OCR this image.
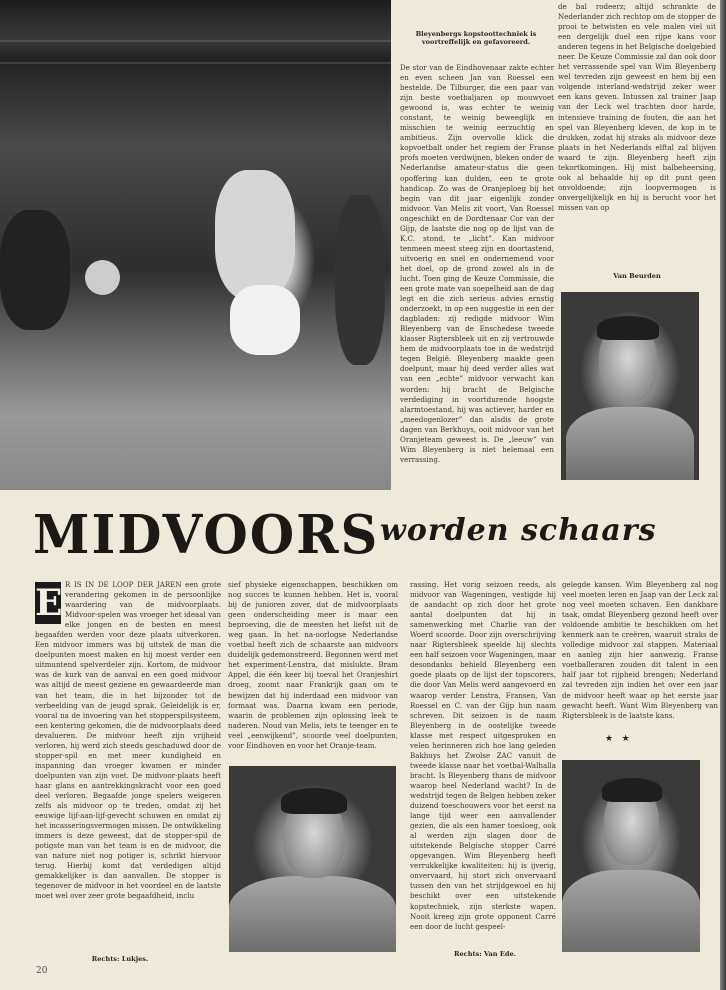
Bleyenbergs kopstoottechniek is voortreffelijk en gefavoreerd.
De stor van de Eindhovenaar zakte echter en even scheen Jan van Roessel een bestelde. De Tilburger, die een paar van zijn beste voetbaljaren op mouwvoet gewoond is, was echter te weinig constant, te weinig beweeglijk en misschien te weinig eerzuchtig en ambitieus. Zijn overvolle klick die kopvoetbalt onder het regiem der Franse profs moeten verdwijnen, bleken onder de Nederlandse amateur-status die geen opoffering kan dulden, een te grote handicap. Zo was de Oranjeploeg bij het begin van dit jaar eigenlijk zonder midvoor. Van Melis zit voort, Van Roessel ongeschikt en de Dordtenaar Cor van der Gijp, de laatste die nog op de lijst van de K.C. stond, te „licht”. Kan midvoor tenmeen meest steeg zijn en doortastend, uitvoerig en snel en ondernemend voor het doel, op de grond zowel als in de lucht. Toen ging de Keuze Commissie, die een grote mate van soepelheid aan de dag legt en die zich serieus advies ernstig onderzoekt, in op een suggestie in een der dagbladen: zij redigde midvoor Wim Bleyenberg van de Enschedese tweede klasser Rigtersbleek uit en zij vertrouwde hem de midvoorplaats toe in de wedstrijd tegen België. Bleyenberg maakte geen doelpunt, maar hij deed verder alles wat van een „echte” midvoor verwacht kan worden: hij bracht de Belgische verdediging in voortdurende hoogste alarmtoestand, hij was actiever, harder en „meedogenlozer” dan alsdis de grote dagen van Berkhuys, ooit midvoor van het Oranjeteam geweest is. De „leeuw” van Wim Bleyenberg is niet helemaal een verrassing.
de bal rodeerz; altijd schrankte de Nederlander zich rechtop om de stopper de prooi te betwisten en vele malen viel uit een dergelijk duel een rijpe kans voor anderen tegens in het Belgische doelgebied neer. De Keuze Commissie zal dan ook door het verrassende spel van Wim Bleyenberg wel tevreden zijn geweest en hem bij een volgende interland-wedstrijd zeker weer een kans geven. Intussen zal trainer Jaap van der Leck wel trachten door harde, intensieve training de fouten, die aan het spel van Bleyenberg kleven, de kop in te drukken, zodat hij straks als midvoor deze plaats in het Nederlands elftal zal blijven waard te zijn. Bleyenberg heeft zijn tekortkomingen. Hij mist balbeheersing, ook al behaalde hij op dit punt geen onvoldoende; zijn loopvermogen is onvergelijkelijk en hij is berucht voor het missen van op
Van Beurden
MIDVOORS worden schaars
E R IS IN DE LOOP DER JAREN een grote verandering gekomen in de persoonlijke waardering van de midvoorplaats. Midvoor-spelen was vroeger het ideaal van elke jongen en de besten en meest begaafden werden voor deze plaats uitverkoren. Een midvoor immers was bij uitstek de man die doelpunten moest maken en hij moest verder een uitmuntend spelverdeler zijn. Kortom, de midvoor was de kurk van de aanval en een goed midvoor was altijd de meest geziene en gewaardeerde man van het team, die in het bijzonder tot de verbeelding van de jeugd sprak. Geleidelijk is er, vooral na de invoering van het stopperspilsysteem, een kentering gekomen, die de midvoorplaats deed devalueren. De midvoor heeft zijn vrijheid verloren, hij werd zich steeds geschaduwd door de stopper-spil en met meer kundigheid en inspanning dan vroeger kwamen er minder doelpunten van zijn voet. De midvoor-plaats heeft haar glans en aantrekkingskracht voor een goed deel verloren. Begaafde jonge spelers weigeren zelfs als midvoor op te treden, omdat zij het eeuwige lijf-aan-lijf-gevecht schuwen en omdat zij het incasseringsvermogen missen. De ontwikkeling immers is deze geweest, dat de stopper-spil de potigste man van het team is en de midvoor, die van nature niet nog potiger is, schrikt hiervoor terug. Hierbij komt dat verdedigen altijd gemakkelijker is dan aanvallen. De stopper is tegenover de midvoor in het voordeel en de laatste moet wel over zeer grote begaafdheid, inclu
Rechts: Lukjes.
20
sief physieke eigenschappen, beschikken om nog succes te kunnen hebben. Het is, vooral bij de junioren zover, dat de midvoorplaats geen onderscheiding meer is maar een beproeving, die de meesten het liefst uit de weg gaan. In het na-oorlogse Nederlandse voetbal heeft zich de schaarste aan midvoors duidelijk gedemonstreerd. Begonnen werd met het experiment-Lenstra, dat mislukte. Bram Appel, die één keer bij toeval het Oranjeshirt droeg, zoomt naar Frankrijk gaan om te bewijzen dat hij inderdaad een midvoor van formaat was. Daarna kwam een periode, waarin de problemen zijn oplossing leek te naderen. Noud van Melis, iets te teenger en te veel „eenwijkend”, scoorde veel doelpunten, voor Eindhoven en voor het Oranje-team.
rassing. Het vorig seizoen reeds, als midvoor van Wageningen, vestigde hij de aandacht op zich door het grote aantal doelpunten dat hij in samenwerking met Charlie van der Woerd scoorde. Door zijn overschrijving naar Rigtersbleek speelde hij slechts een half seizoen voor Wageningen, maar desondanks behield Bleyenberg een goede plaats op de lijst der topscorers, die door Van Melis werd aangevoerd en waarop verder Lenstra, Fransen, Van Roessel en C. van der Gijp hun naam schreven. Dit seizoen is de naam Bleyenberg in de oostelijke tweede klasse met respect uitgesproken en velen herinneren zich hoe lang geleden Bakhuys het Zwolse ZAC vanuit de tweede klasse naar het voetbal-Walhalla bracht. Is Bleyenberg thans de midvoor waarop heel Nederland wacht? In de wedstrijd tegen de Belgen hebben zeker duizend toeschouwers voor het eerst na lange tijd weer een aanvallender gezien, die als een hamer toesloeg, ook al werden zijn slagen door de uitstekende Belgische stopper Carré opgevangen. Wim Bleyenberg heeft verrukkelijke kwaliteiten: hij is ijverig, onvervaard, hij stort zich onvervaard tussen den van het strijdgewoel en hij beschikt over een uitstekende kopstechniek, zijn sterkste wapen. Nooit kreeg zijn grote opponent Carré een door de lucht gespeel-
Rechts: Van Ede.
gelegde kansen. Wim Bleyenberg zal nog veel moeten leren en Jaap van der Leck zal nog veel moeten schaven. Een dankbare taak, omdat Bleyenberg gezond heeft over voldoende ambitie te beschikken om het kenmerk aan te creëren, waaruit straks de volledige midvoor zal stappen. Materiaal en aanleg zijn hier aanwezig. Franse voetballeraren zouden dit talent in een half jaar tot rijpheid brengen; Nederland zal tevreden zijn indien het over een jaar de midvoor heeft waar op het eerste jaar gewacht heeft. Want Wim Bleyenberg van Rigtersbleek is de laatste kans.
★   ★
